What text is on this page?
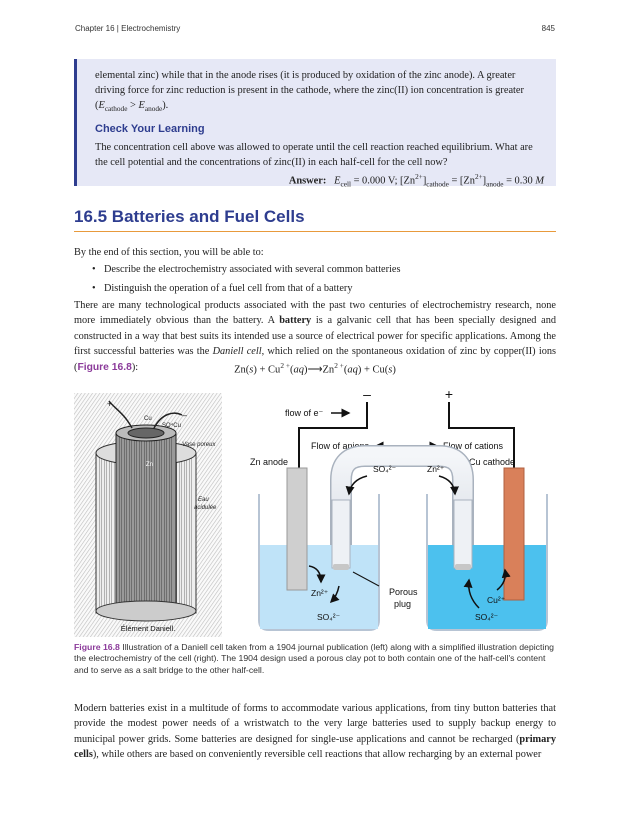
Chapter 16 | Electrochemistry	845

elemental zinc) while that in the anode rises (it is produced by oxidation of the zinc anode). A greater driving force for zinc reduction is present in the cathode, where the zinc(II) ion concentration is greater $(E_{cathode} > E_{anode})$.

Check Your Learning

The concentration cell above was allowed to operate until the cell reaction reached equilibrium. What are the cell potential and the concentrations of zinc(II) in each half-cell for the cell now?

Answer: $E_{cell} = 0.000$ V; $[Zn^{2+}]_{cathode} = [Zn^{2+}]_{anode} = 0.30$ M

16.5 Batteries and Fuel Cells
By the end of this section, you will be able to:
• Describe the electrochemistry associated with several common batteries
• Distinguish the operation of a fuel cell from that of a battery

There are many technological products associated with the past two centuries of electrochemistry research, none more immediately obvious than the battery. A battery is a galvanic cell that has been specially designed and constructed in a way that best suits its intended use a source of electrical power for specific applications. Among the first successful batteries was the Daniell cell, which relied on the spontaneous oxidation of zinc by copper(II) ions (Figure 16.8):	$Zn(s) + Cu^{2 +}(aq)⟶Zn^{2 +}(aq) + Cu(s)$
+
–
Cu
SO⁴Cu
Vase poreux
Zn
Eau
acidulée
Élément Daniell.
–	+
flow of e⁻
Flow of anions	Flow of cations
Zn anode	Cu cathode
SO₄²⁻	Zn²⁺
Zn²⁺
SO₄²⁻
Porous
plug	Cu²⁺
SO₄²⁻
Figure 16.8 Illustration of a Daniell cell taken from a 1904 journal publication (left) along with a simplified illustration depicting the electrochemistry of the cell (right). The 1904 design used a porous clay pot to both contain one of the half-cell's content and to serve as a salt bridge to the other half-cell.

Modern batteries exist in a multitude of forms to accommodate various applications, from tiny button batteries that provide the modest power needs of a wristwatch to the very large batteries used to supply backup energy to municipal power grids. Some batteries are designed for single-use applications and cannot be recharged (primary cells), while others are based on conveniently reversible cell reactions that allow recharging by an external power
